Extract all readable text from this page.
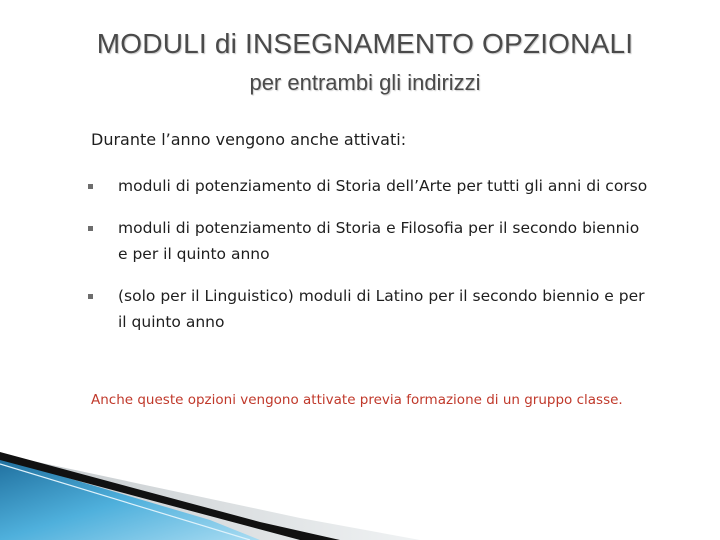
MODULI di INSEGNAMENTO OPZIONALI
per entrambi gli indirizzi
Durante l’anno vengono anche attivati:
moduli di potenziamento di Storia dell’Arte per tutti gli anni di corso
moduli di potenziamento di Storia e Filosofia per il secondo biennio e per il quinto anno
(solo per il Linguistico) moduli di Latino per il secondo biennio e per il quinto anno
Anche queste opzioni vengono attivate previa formazione di un gruppo classe.
